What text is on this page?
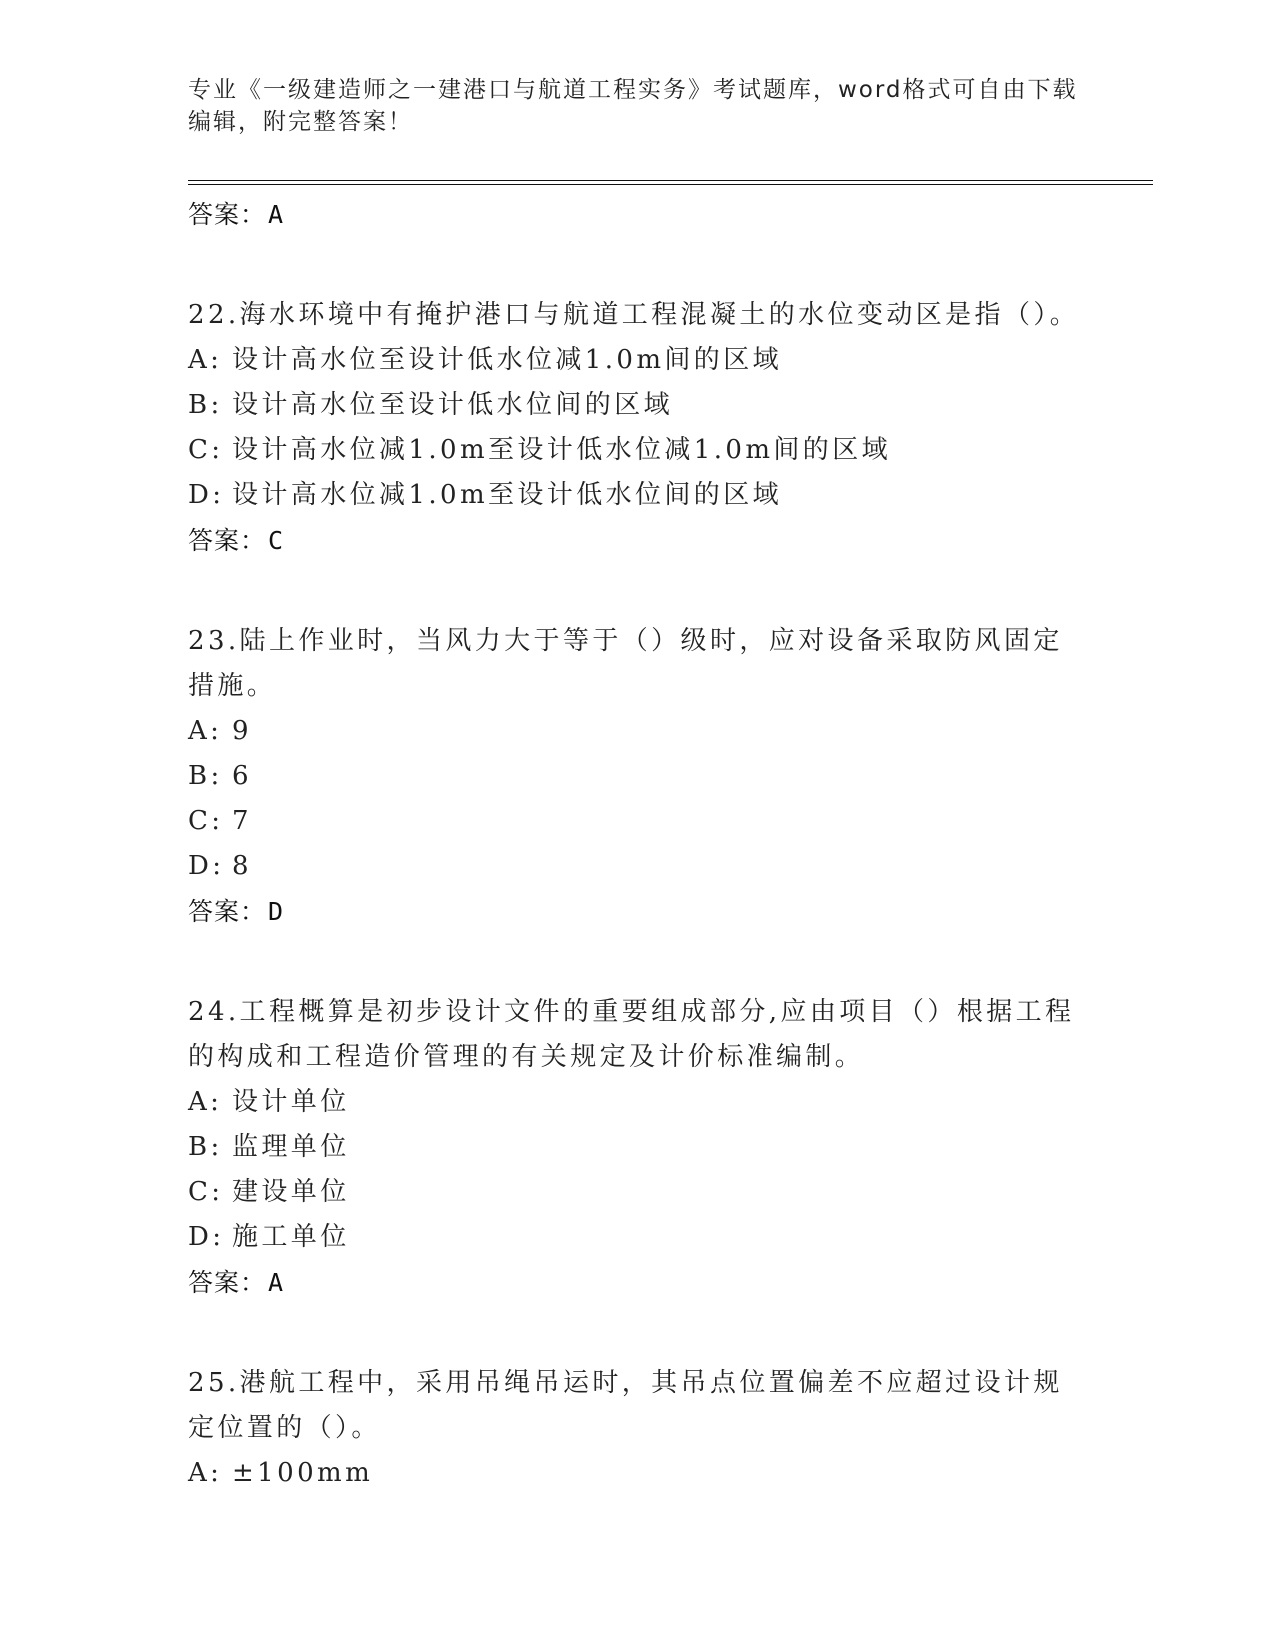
专业《一级建造师之一建港口与航道工程实务》考试题库，word格式可自由下载编辑，附完整答案！
答案：A
22.海水环境中有掩护港口与航道工程混凝土的水位变动区是指（）。
A: 设计高水位至设计低水位减1.0m间的区域
B: 设计高水位至设计低水位间的区域
C: 设计高水位减1.0m至设计低水位减1.0m间的区域
D: 设计高水位减1.0m至设计低水位间的区域
答案：C
23.陆上作业时，当风力大于等于（）级时，应对设备采取防风固定措施。
A: 9
B: 6
C: 7
D: 8
答案：D
24.工程概算是初步设计文件的重要组成部分,应由项目（）根据工程的构成和工程造价管理的有关规定及计价标准编制。
A: 设计单位
B: 监理单位
C: 建设单位
D: 施工单位
答案：A
25.港航工程中，采用吊绳吊运时，其吊点位置偏差不应超过设计规定位置的（）。
A: ±100mm
